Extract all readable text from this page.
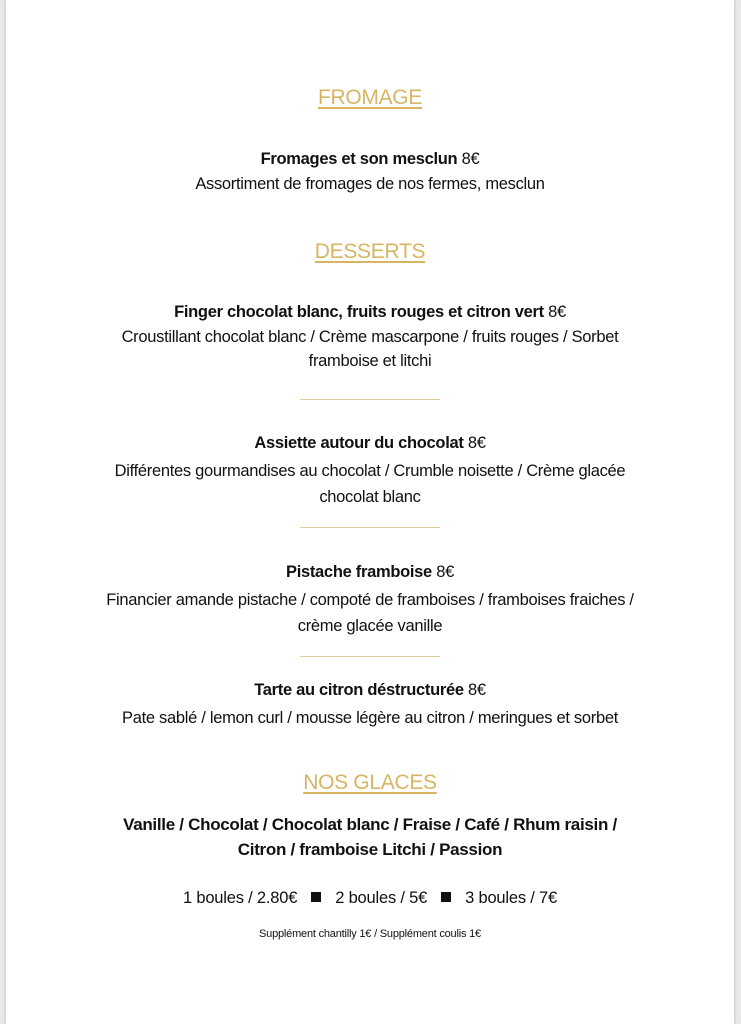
FROMAGE
Fromages et son mesclun 8€
Assortiment de fromages de nos fermes, mesclun
DESSERTS
Finger chocolat blanc, fruits rouges et citron vert 8€
Croustillant chocolat blanc / Crème mascarpone / fruits rouges / Sorbet
framboise et litchi
Assiette autour du chocolat 8€
Différentes gourmandises au chocolat / Crumble noisette / Crème glacée
chocolat blanc
Pistache framboise 8€
Financier amande pistache / compoté de framboises / framboises fraiches /
crème glacée vanille
Tarte au citron déstructurée 8€
Pate sablé / lemon curl / mousse légère au citron / meringues et sorbet
NOS GLACES
Vanille / Chocolat / Chocolat blanc / Fraise / Café / Rhum raisin /
Citron / framboise Litchi / Passion
1 boules / 2.80€ 2 boules / 5€ 3 boules / 7€
Supplément chantilly 1€ / Supplément coulis 1€
